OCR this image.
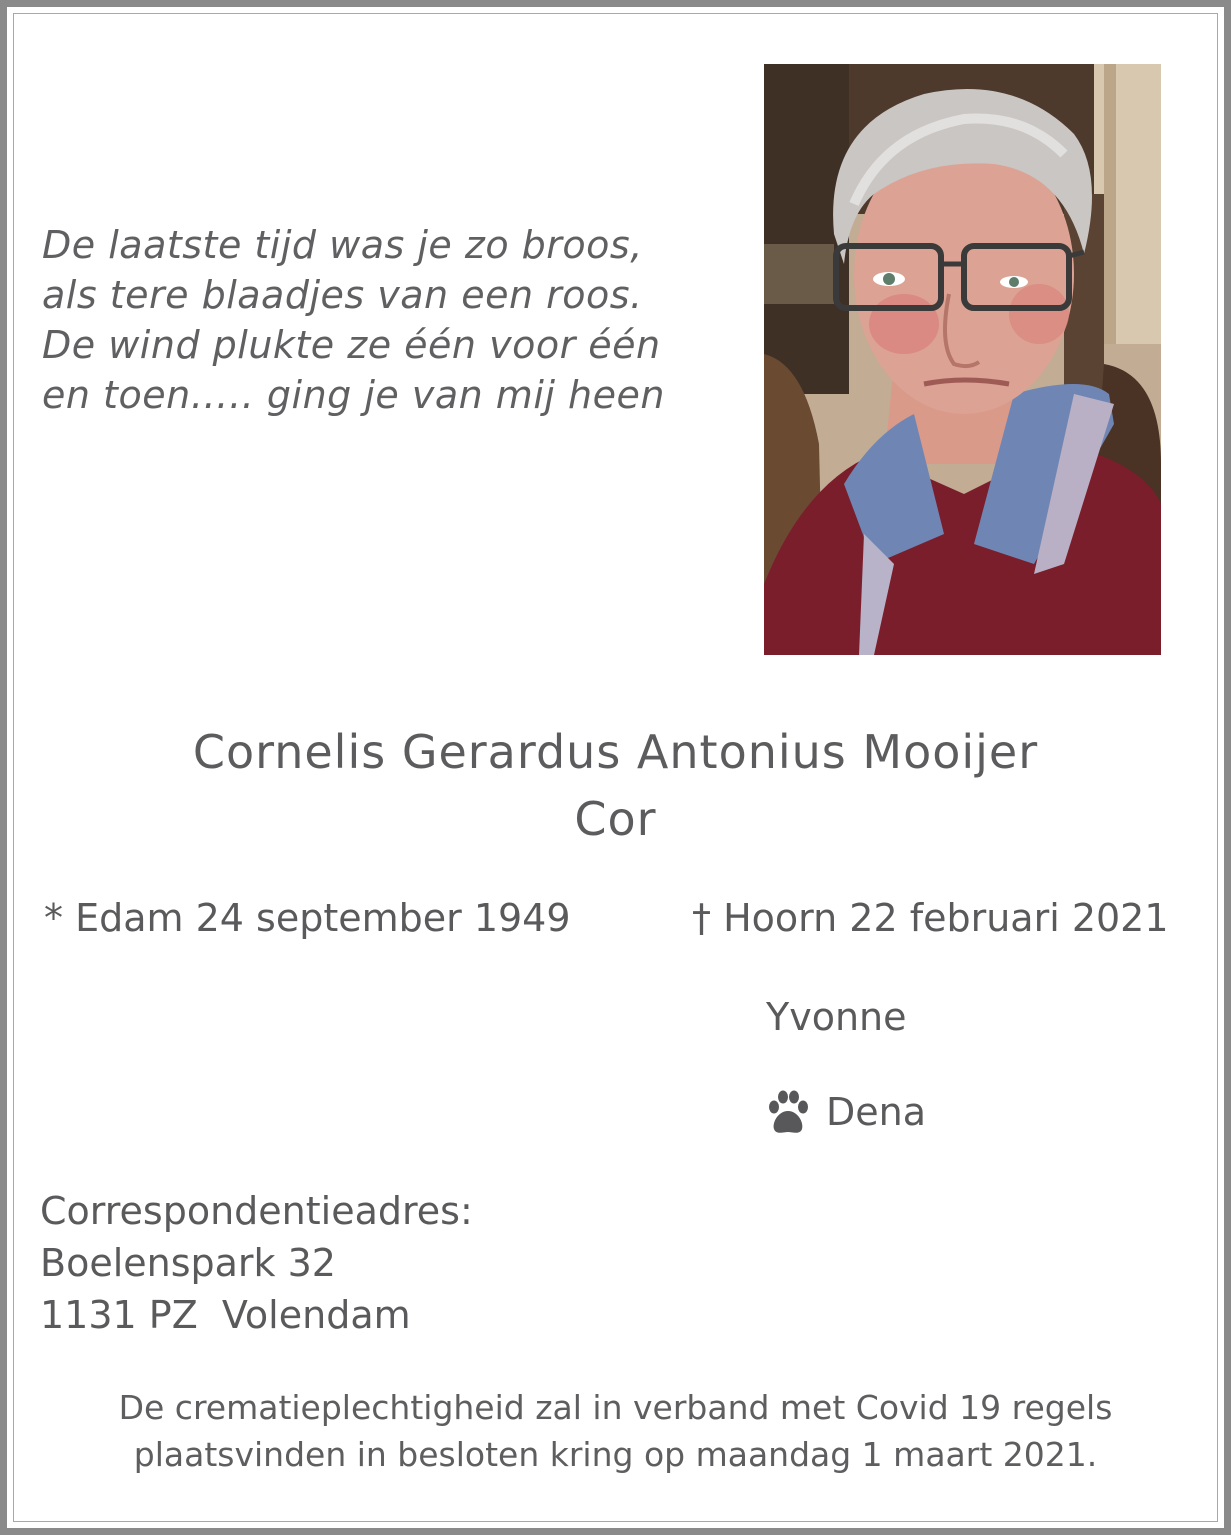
De laatste tijd was je zo broos,
als tere blaadjes van een roos.
De wind plukte ze één voor één
en toen….. ging je van mij heen
Cornelis Gerardus Antonius Mooijer
Cor
* Edam 24 september 1949	† Hoorn 22 februari 2021
Yvonne
Dena
Correspondentieadres:
Boelenspark 32
1131 PZ  Volendam
De crematieplechtigheid zal in verband met Covid 19 regels
plaatsvinden in besloten kring op maandag 1 maart 2021.
